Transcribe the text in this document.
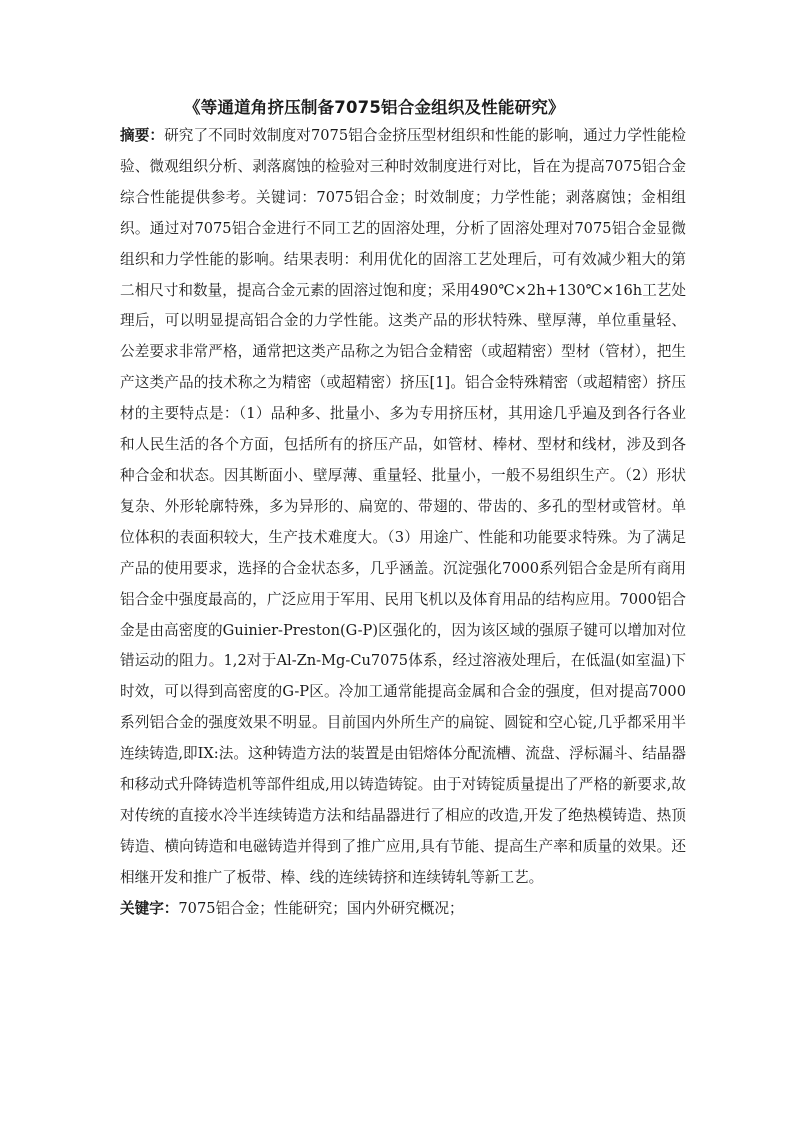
《等通道角挤压制备7075铝合金组织及性能研究》

摘要：研究了不同时效制度对7075铝合金挤压型材组织和性能的影响，通过力学性能检验、微观组织分析、剥落腐蚀的检验对三种时效制度进行对比，旨在为提高7075铝合金综合性能提供参考。关键词：7075铝合金；时效制度；力学性能；剥落腐蚀；金相组织。通过对7075铝合金进行不同工艺的固溶处理，分析了固溶处理对7075铝合金显微组织和力学性能的影响。结果表明：利用优化的固溶工艺处理后，可有效减少粗大的第二相尺寸和数量，提高合金元素的固溶过饱和度；采用490℃×2h+130℃×16h工艺处理后，可以明显提高铝合金的力学性能。这类产品的形状特殊、壁厚薄，单位重量轻、公差要求非常严格，通常把这类产品称之为铝合金精密（或超精密）型材（管材），把生产这类产品的技术称之为精密（或超精密）挤压[1]。铝合金特殊精密（或超精密）挤压材的主要特点是：（1）品种多、批量小、多为专用挤压材，其用途几乎遍及到各行各业和人民生活的各个方面，包括所有的挤压产品，如管材、棒材、型材和线材，涉及到各种合金和状态。因其断面小、壁厚薄、重量轻、批量小，一般不易组织生产。（2）形状复杂、外形轮廓特殊，多为异形的、扁宽的、带翅的、带齿的、多孔的型材或管材。单位体积的表面积较大，生产技术难度大。（3）用途广、性能和功能要求特殊。为了满足产品的使用要求，选择的合金状态多，几乎涵盖。沉淀强化7000系列铝合金是所有商用铝合金中强度最高的，广泛应用于军用、民用飞机以及体育用品的结构应用。7000铝合金是由高密度的Guinier-Preston(G-P)区强化的，因为该区域的强原子键可以增加对位错运动的阻力。1,2对于Al-Zn-Mg-Cu7075体系，经过溶液处理后，在低温(如室温)下时效，可以得到高密度的G-P区。冷加工通常能提高金属和合金的强度，但对提高7000系列铝合金的强度效果不明显。目前国内外所生产的扁锭、圆锭和空心锭,几乎都采用半连续铸造,即IX:法。这种铸造方法的装置是由铝熔体分配流槽、流盘、浮标漏斗、结晶器和移动式升降铸造机等部件组成,用以铸造铸锭。由于对铸锭质量提出了严格的新要求,故对传统的直接水冷半连续铸造方法和结晶器进行了相应的改造,开发了绝热模铸造、热顶铸造、横向铸造和电磁铸造并得到了推广应用,具有节能、提高生产率和质量的效果。还相继开发和推广了板带、棒、线的连续铸挤和连续铸轧等新工艺。

关键字：7075铝合金；性能研究；国内外研究概况；
